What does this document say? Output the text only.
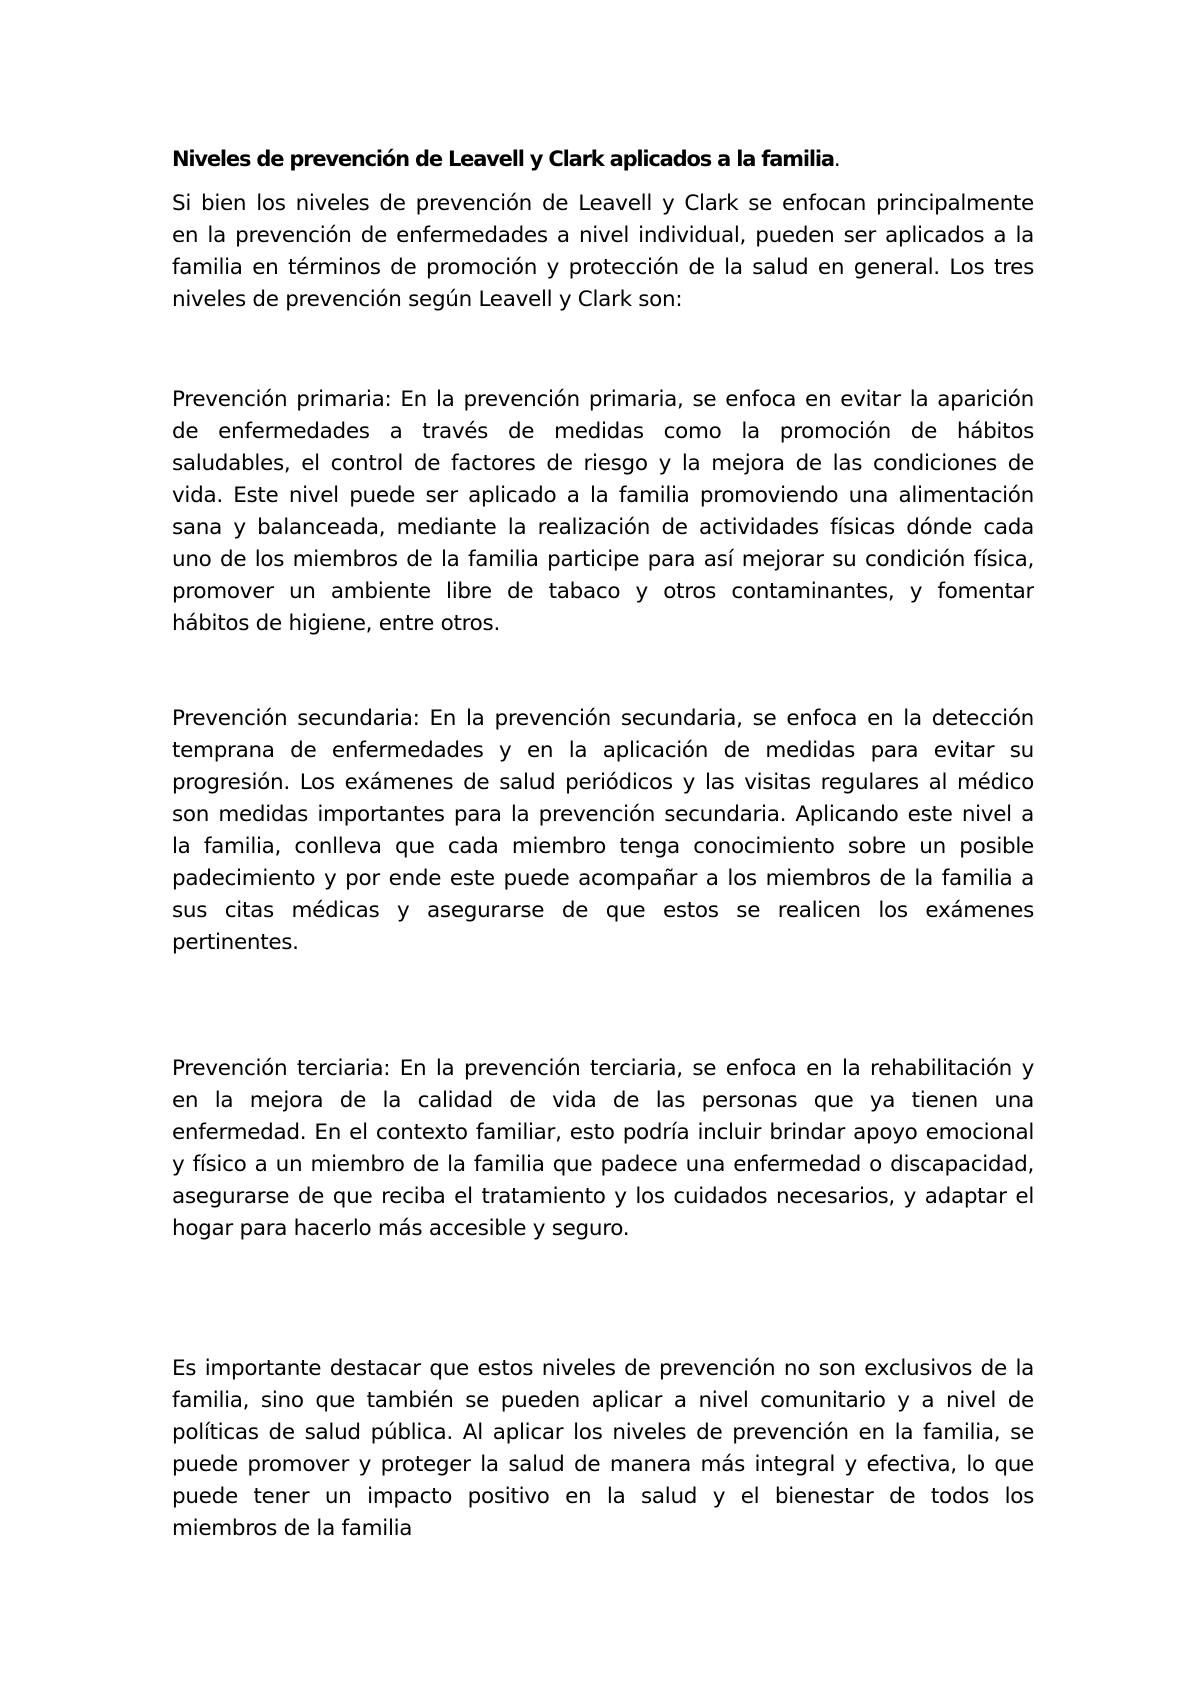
Niveles de prevención de Leavell y Clark aplicados a la familia.
Si bien los niveles de prevención de Leavell y Clark se enfocan principalmente
en la prevención de enfermedades a nivel individual, pueden ser aplicados a la
familia en términos de promoción y protección de la salud en general. Los tres
niveles de prevención según Leavell y Clark son:
Prevención primaria: En la prevención primaria, se enfoca en evitar la aparición
de enfermedades a través de medidas como la promoción de hábitos
saludables, el control de factores de riesgo y la mejora de las condiciones de
vida. Este nivel puede ser aplicado a la familia promoviendo una alimentación
sana y balanceada, mediante la realización de actividades físicas dónde cada
uno de los miembros de la familia participe para así mejorar su condición física,
promover un ambiente libre de tabaco y otros contaminantes, y fomentar
hábitos de higiene, entre otros.
Prevención secundaria: En la prevención secundaria, se enfoca en la detección
temprana de enfermedades y en la aplicación de medidas para evitar su
progresión. Los exámenes de salud periódicos y las visitas regulares al médico
son medidas importantes para la prevención secundaria. Aplicando este nivel a
la familia, conlleva que cada miembro tenga conocimiento sobre un posible
padecimiento y por ende este puede acompañar a los miembros de la familia a
sus citas médicas y asegurarse de que estos se realicen los exámenes
pertinentes.
Prevención terciaria: En la prevención terciaria, se enfoca en la rehabilitación y
en la mejora de la calidad de vida de las personas que ya tienen una
enfermedad. En el contexto familiar, esto podría incluir brindar apoyo emocional
y físico a un miembro de la familia que padece una enfermedad o discapacidad,
asegurarse de que reciba el tratamiento y los cuidados necesarios, y adaptar el
hogar para hacerlo más accesible y seguro.
Es importante destacar que estos niveles de prevención no son exclusivos de la
familia, sino que también se pueden aplicar a nivel comunitario y a nivel de
políticas de salud pública. Al aplicar los niveles de prevención en la familia, se
puede promover y proteger la salud de manera más integral y efectiva, lo que
puede tener un impacto positivo en la salud y el bienestar de todos los
miembros de la familia
